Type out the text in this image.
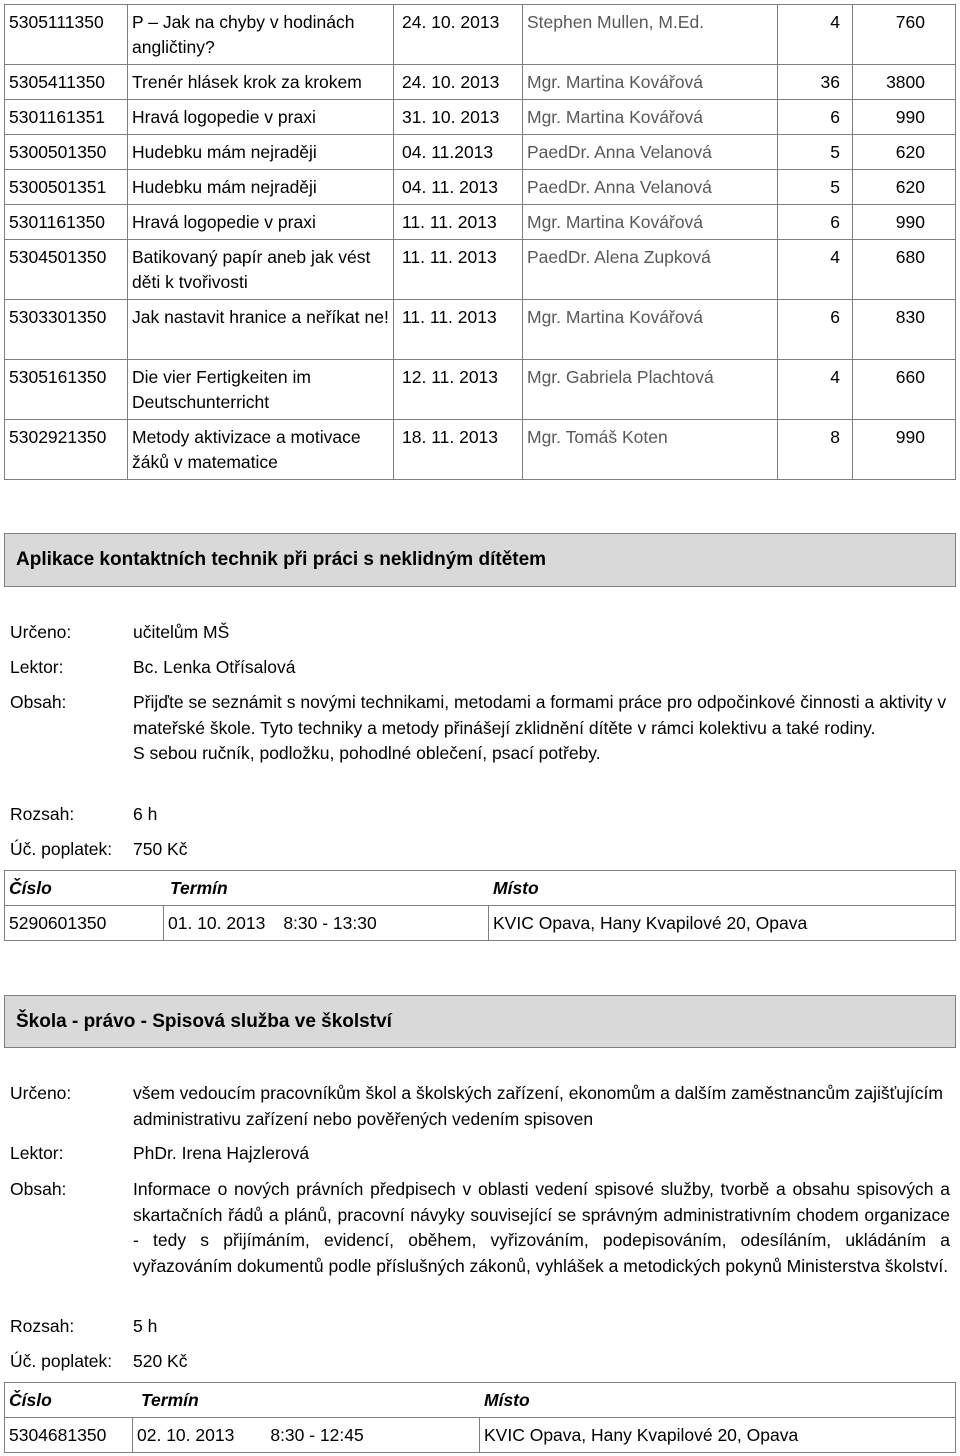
5305111350	P – Jak na chyby v hodinách angličtiny?	24. 10. 2013	Stephen Mullen, M.Ed.	4	760
5305411350	Trenér hlásek krok za krokem	24. 10. 2013	Mgr. Martina Kovářová	36	3800
5301161351	Hravá logopedie v praxi	31. 10. 2013	Mgr. Martina Kovářová	6	990
5300501350	Hudebku mám nejraději	04. 11.2013	PaedDr. Anna Velanová	5	620
5300501351	Hudebku mám nejraději	04. 11. 2013	PaedDr. Anna Velanová	5	620
5301161350	Hravá logopedie v praxi	11. 11. 2013	Mgr. Martina Kovářová	6	990
5304501350	Batikovaný papír aneb jak vést děti k tvořivosti	11. 11. 2013	PaedDr. Alena Zupková	4	680
5303301350	Jak nastavit hranice a neříkat ne!	11. 11. 2013	Mgr. Martina Kovářová	6	830
5305161350	Die vier Fertigkeiten im Deutschunterricht	12. 11. 2013	Mgr. Gabriela Plachtová	4	660
5302921350	Metody aktivizace a motivace žáků v matematice	18. 11. 2013	Mgr. Tomáš Koten	8	990
Aplikace kontaktních technik při práci s neklidným dítětem
Určeno:	učitelům MŠ
Lektor:	Bc. Lenka Otřísalová
Obsah:	Přijďte se seznámit s novými technikami, metodami a formami práce pro odpočinkové činnosti a aktivity v mateřské škole. Tyto techniky a metody přinášejí zklidnění dítěte v rámci kolektivu a také rodiny.
S sebou ručník, podložku, pohodlné oblečení, psací potřeby.
Rozsah:	6 h
Úč. poplatek:	750 Kč
Číslo	Termín	Místo
5290601350	01. 10. 2013 8:30 - 13:30	KVIC Opava, Hany Kvapilové 20, Opava
Škola - právo - Spisová služba ve školství
Určeno:	všem vedoucím pracovníkům škol a školských zařízení, ekonomům a dalším zaměstnancům zajišťujícím administrativu zařízení nebo pověřených vedením spisoven
Lektor:	PhDr. Irena Hajzlerová
Obsah:	Informace o nových právních předpisech v oblasti vedení spisové služby, tvorbě a obsahu spisových a skartačních řádů a plánů, pracovní návyky související se správným administrativním chodem organizace - tedy s přijímáním, evidencí, oběhem, vyřizováním, podepisováním, odesíláním, ukládáním a vyřazováním dokumentů podle příslušných zákonů, vyhlášek a metodických pokynů Ministerstva školství.
Rozsah:	5 h
Úč. poplatek:	520 Kč
Číslo	Termín	Místo
5304681350	02. 10. 2013 8:30 - 12:45	KVIC Opava, Hany Kvapilové 20, Opava
